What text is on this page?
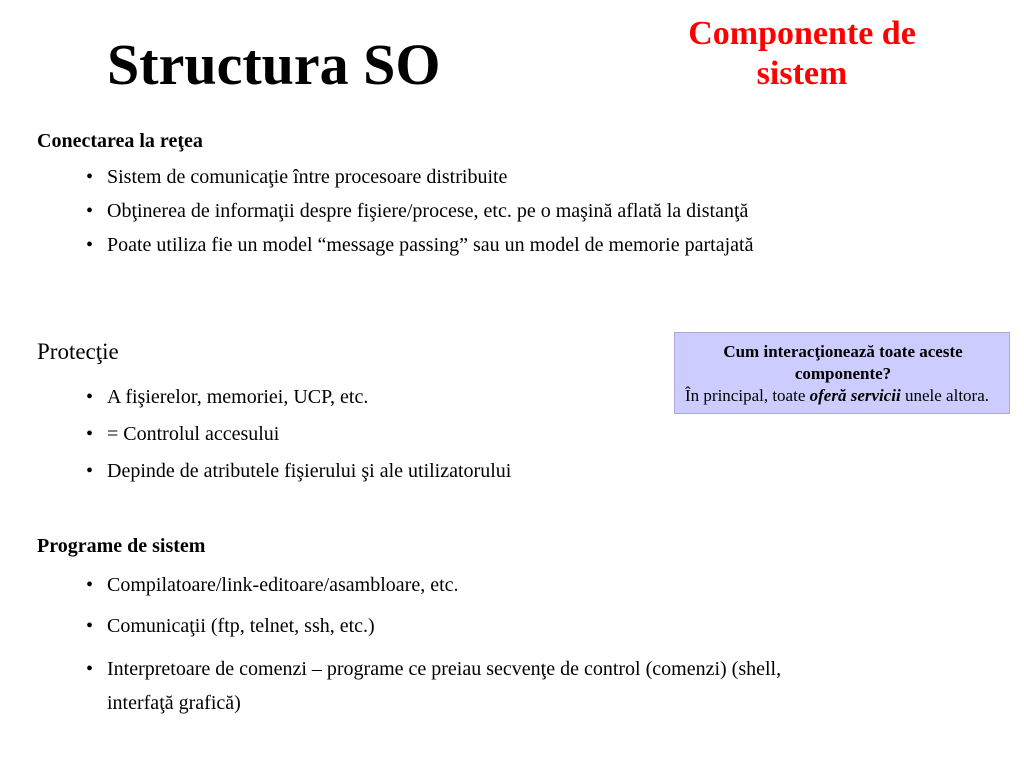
Structura SO	Componente de sistem
Conectarea la reţea
• Sistem de comunicaţie între procesoare distribuite
• Obţinerea de informaţii despre fişiere/procese, etc. pe o maşină aflată la distanţă
• Poate utiliza fie un model “message passing” sau un model de memorie partajată
Protecţie
• A fişierelor, memoriei, UCP, etc.
• = Controlul accesului
• Depinde de atributele fişierului şi ale utilizatorului
Cum interacţionează toate aceste componente?
În principal, toate oferă servicii unele altora.
Programe de sistem
• Compilatoare/link-editoare/asambloare, etc.
• Comunicaţii (ftp, telnet, ssh, etc.)
• Interpretoare de comenzi – programe ce preiau secvenţe de control (comenzi) (shell, interfaţă grafică)
